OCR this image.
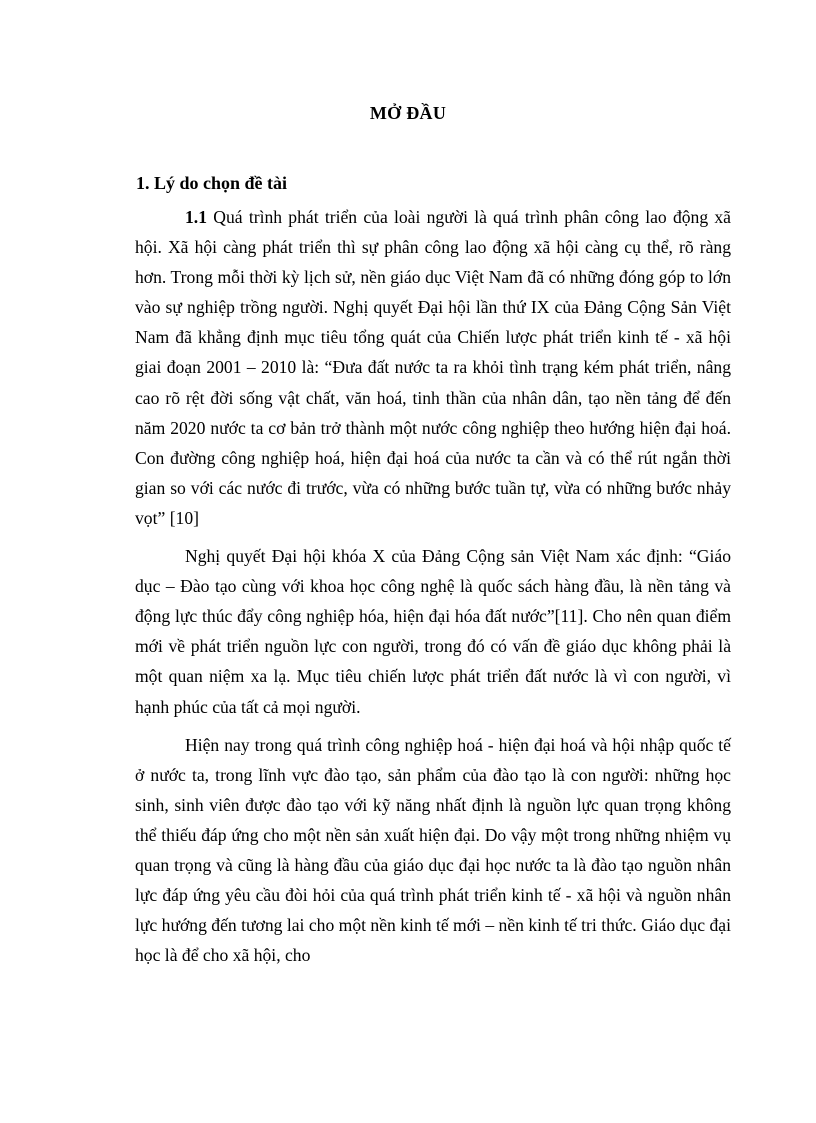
MỞ ĐẦU
1. Lý do chọn đề tài

1.1 Quá trình phát triển của loài người là quá trình phân công lao động xã hội. Xã hội càng phát triển thì sự phân công lao động xã hội càng cụ thể, rõ ràng hơn. Trong mỗi thời kỳ lịch sử, nền giáo dục Việt Nam đã có những đóng góp to lớn vào sự nghiệp trồng người. Nghị quyết Đại hội lần thứ IX của Đảng Cộng Sản Việt Nam đã khẳng định mục tiêu tổng quát của Chiến lược phát triển kinh tế - xã hội giai đoạn 2001 – 2010 là: “Đưa đất nước ta ra khỏi tình trạng kém phát triển, nâng cao rõ rệt đời sống vật chất, văn hoá, tinh thần của nhân dân, tạo nền tảng để đến năm 2020 nước ta cơ bản trở thành một nước công nghiệp theo hướng hiện đại hoá. Con đường công nghiệp hoá, hiện đại hoá của nước ta cần và có thể rút ngắn thời gian so với các nước đi trước, vừa có những bước tuần tự, vừa có những bước nhảy vọt” [10]

Nghị quyết Đại hội khóa X của Đảng Cộng sản Việt Nam xác định: “Giáo dục – Đào tạo cùng với khoa học công nghệ là quốc sách hàng đầu, là nền tảng và động lực thúc đẩy công nghiệp hóa, hiện đại hóa đất nước”[11]. Cho nên quan điểm mới về phát triển nguồn lực con người, trong đó có vấn đề giáo dục không phải là một quan niệm xa lạ. Mục tiêu chiến lược phát triển đất nước là vì con người, vì hạnh phúc của tất cả mọi người.

Hiện nay trong quá trình công nghiệp hoá - hiện đại hoá và hội nhập quốc tế ở nước ta, trong lĩnh vực đào tạo, sản phẩm của đào tạo là con người: những học sinh, sinh viên được đào tạo với kỹ năng nhất định là nguồn lực quan trọng không thể thiếu đáp ứng cho một nền sản xuất hiện đại. Do vậy một trong những nhiệm vụ quan trọng và cũng là hàng đầu của giáo dục đại học nước ta là đào tạo nguồn nhân lực đáp ứng yêu cầu đòi hỏi của quá trình phát triển kinh tế - xã hội và nguồn nhân lực hướng đến tương lai cho một nền kinh tế mới – nền kinh tế tri thức. Giáo dục đại học là để cho xã hội, cho
